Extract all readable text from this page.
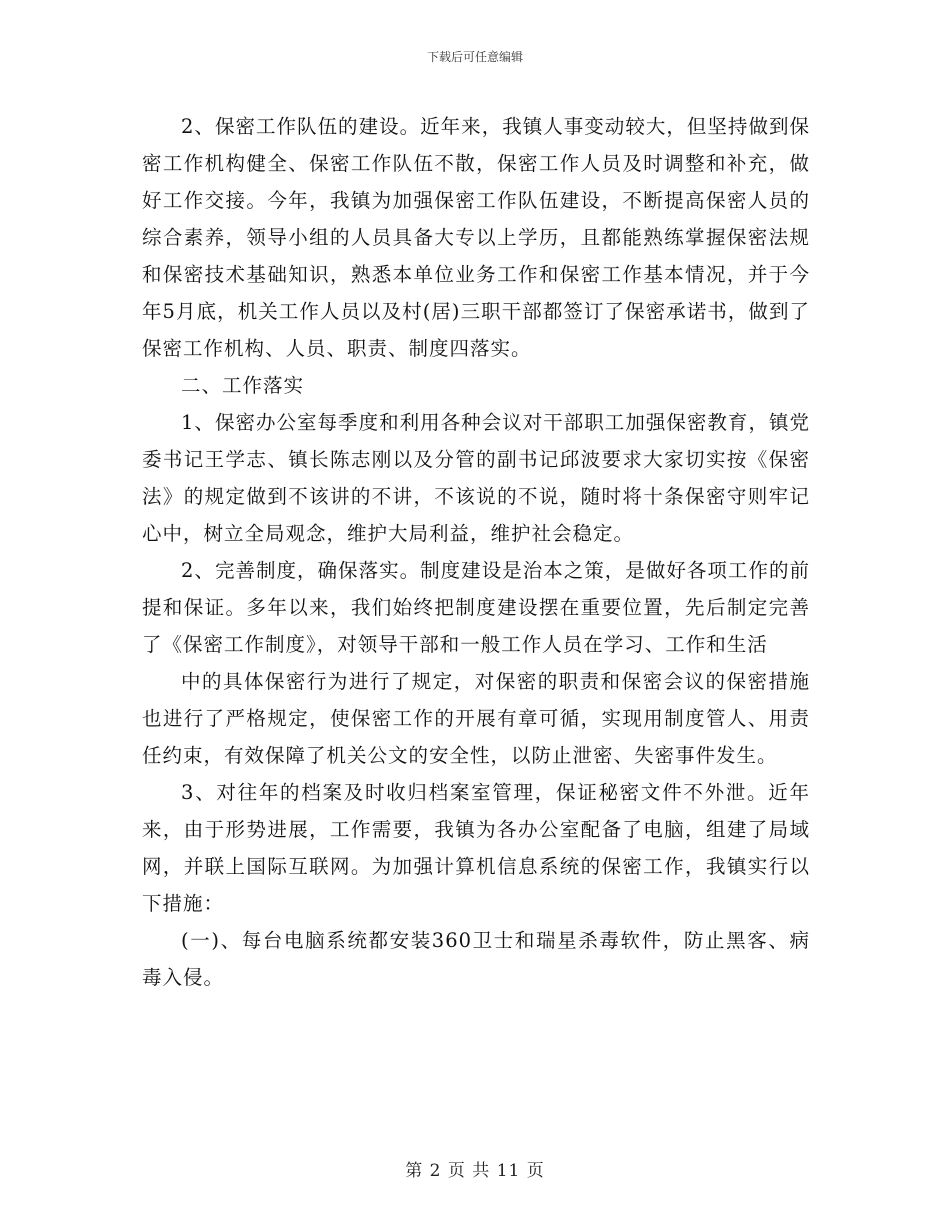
下载后可任意编辑

2、保密工作队伍的建设。近年来，我镇人事变动较大，但坚持做到保密工作机构健全、保密工作队伍不散，保密工作人员及时调整和补充，做好工作交接。今年，我镇为加强保密工作队伍建设，不断提高保密人员的综合素养，领导小组的人员具备大专以上学历，且都能熟练掌握保密法规和保密技术基础知识，熟悉本单位业务工作和保密工作基本情况，并于今年5月底，机关工作人员以及村(居)三职干部都签订了保密承诺书，做到了保密工作机构、人员、职责、制度四落实。

二、工作落实

1、保密办公室每季度和利用各种会议对干部职工加强保密教育，镇党委书记王学志、镇长陈志刚以及分管的副书记邱波要求大家切实按《保密法》的规定做到不该讲的不讲，不该说的不说，随时将十条保密守则牢记心中，树立全局观念，维护大局利益，维护社会稳定。

2、完善制度，确保落实。制度建设是治本之策，是做好各项工作的前提和保证。多年以来，我们始终把制度建设摆在重要位置，先后制定完善了《保密工作制度》，对领导干部和一般工作人员在学习、工作和生活

中的具体保密行为进行了规定，对保密的职责和保密会议的保密措施也进行了严格规定，使保密工作的开展有章可循，实现用制度管人、用责任约束，有效保障了机关公文的安全性，以防止泄密、失密事件发生。

3、对往年的档案及时收归档案室管理，保证秘密文件不外泄。近年来，由于形势进展，工作需要，我镇为各办公室配备了电脑，组建了局域网，并联上国际互联网。为加强计算机信息系统的保密工作，我镇实行以下措施：

(一)、每台电脑系统都安装360卫士和瑞星杀毒软件，防止黑客、病毒入侵。

第 2 页 共 11 页
